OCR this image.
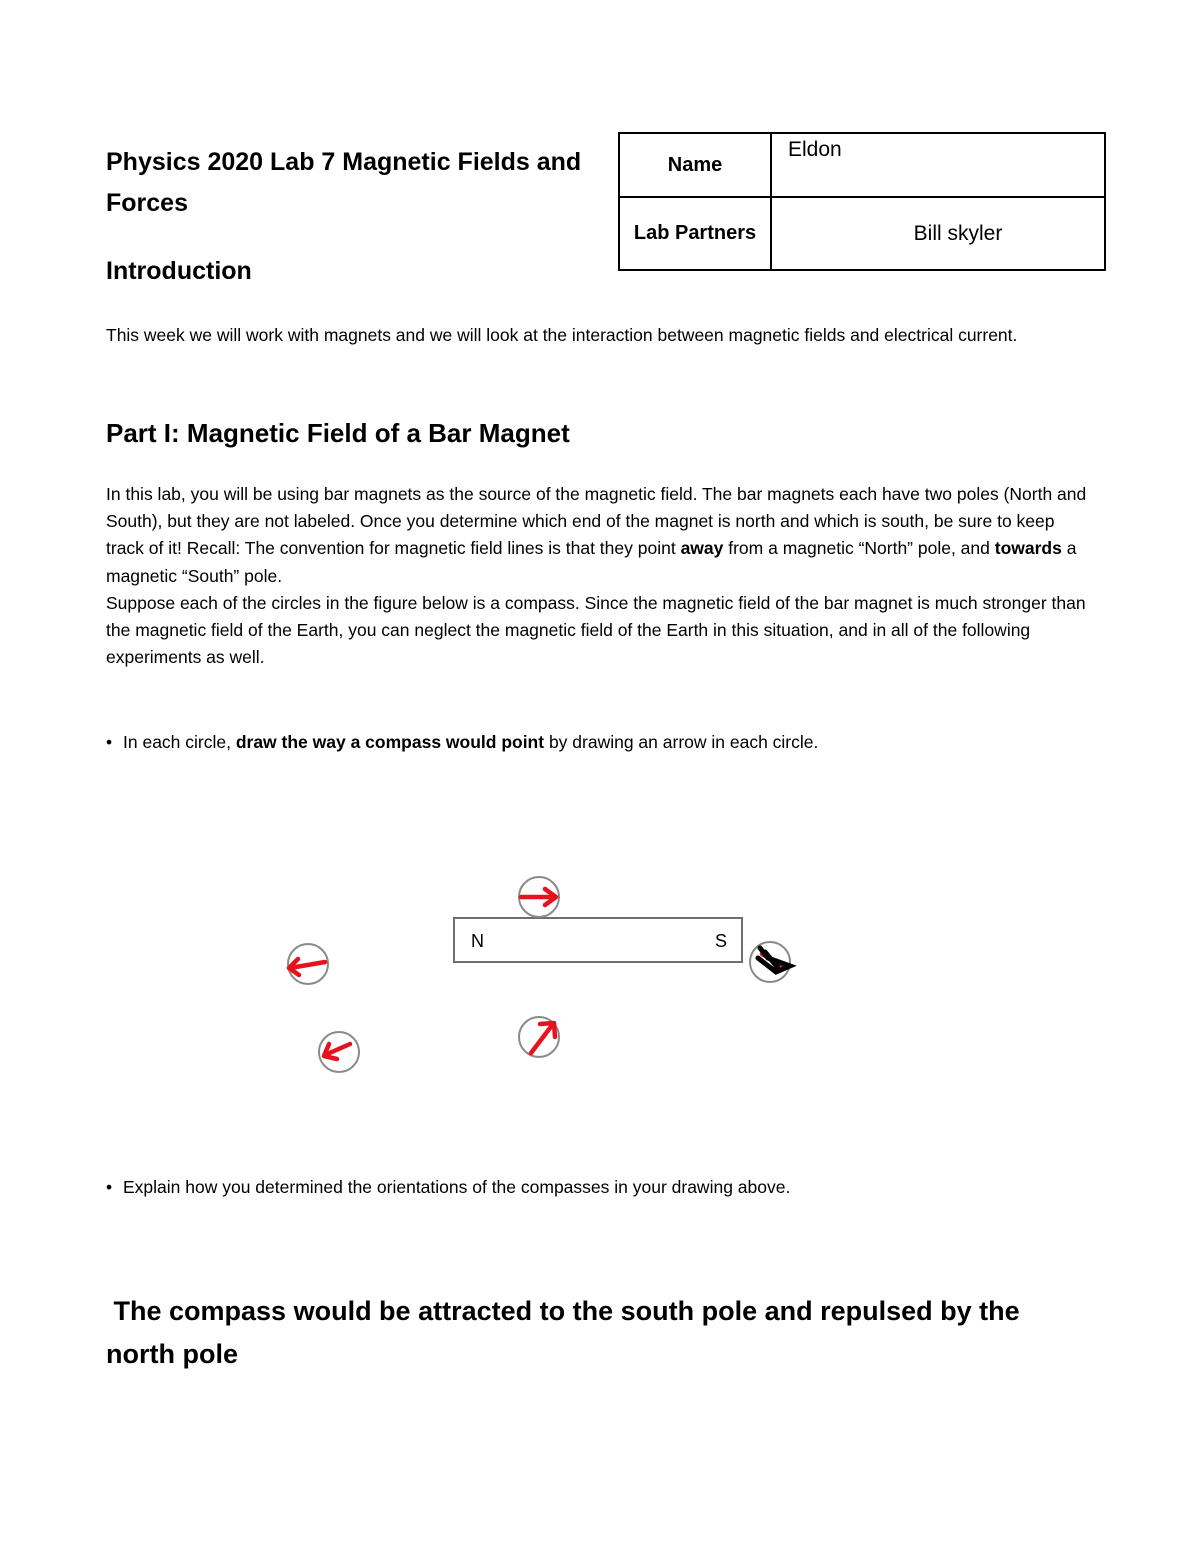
Physics 2020 Lab 7 Magnetic Fields and Forces
Introduction
Name	Eldon
Lab Partners	Bill skyler
This week we will work with magnets and we will look at the interaction between magnetic fields and electrical current.
Part I: Magnetic Field of a Bar Magnet
In this lab, you will be using bar magnets as the source of the magnetic field. The bar magnets each have two poles (North and South), but they are not labeled. Once you determine which end of the magnet is north and which is south, be sure to keep track of it! Recall: The convention for magnetic field lines is that they point away from a magnetic “North” pole, and towards a magnetic “South” pole.
Suppose each of the circles in the figure below is a compass. Since the magnetic field of the bar magnet is much stronger than the magnetic field of the Earth, you can neglect the magnetic field of the Earth in this situation, and in all of the following experiments as well.
• In each circle, draw the way a compass would point by drawing an arrow in each circle.
N	S
• Explain how you determined the orientations of the compasses in your drawing above.
The compass would be attracted to the south pole and repulsed by the north pole
